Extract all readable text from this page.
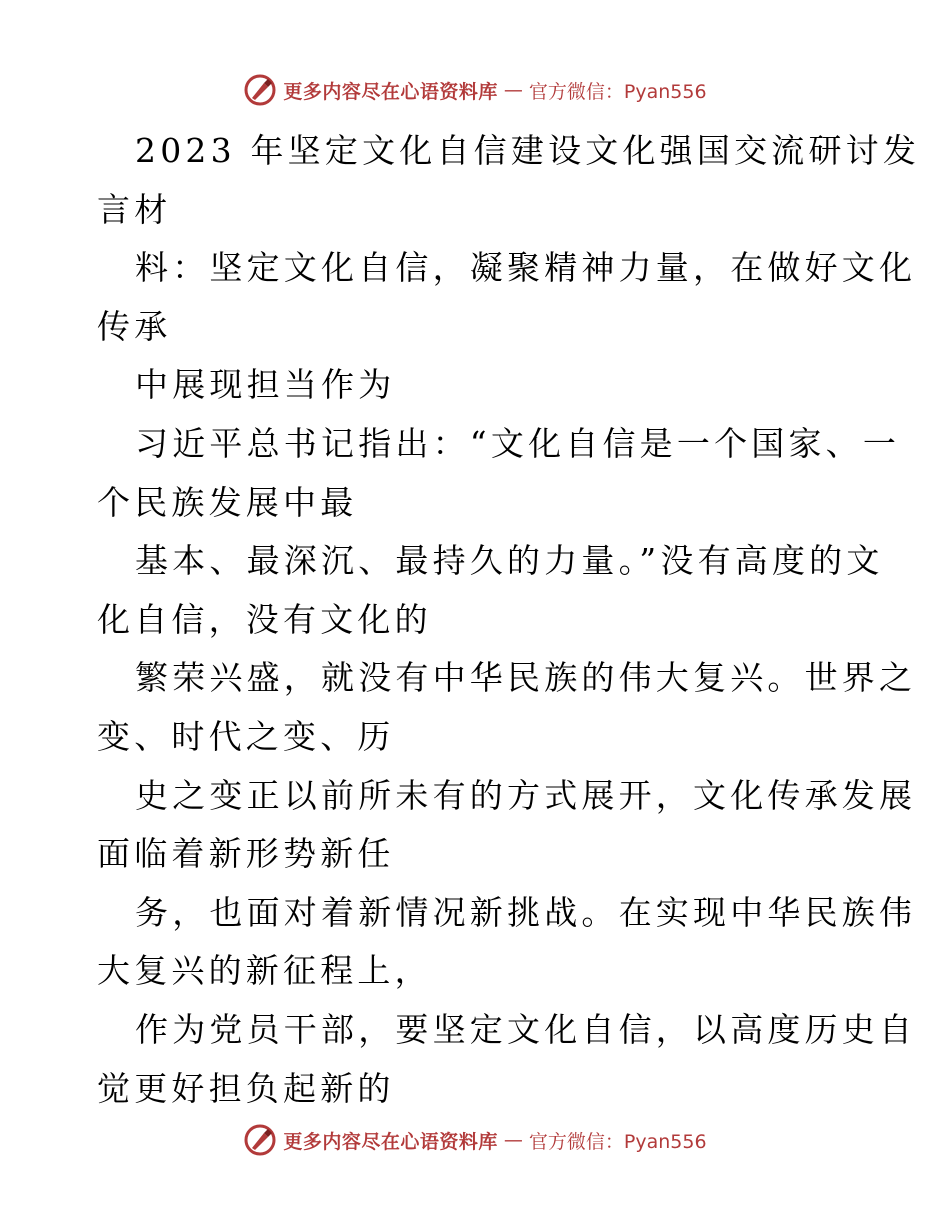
更多内容尽在心语资料库 — 官方微信：Pyan556
2023 年坚定文化自信建设文化强国交流研讨发
言材
料：坚定文化自信，凝聚精神力量，在做好文化
传承
中展现担当作为
习近平总书记指出：“文化自信是一个国家、一
个民族发展中最
基本、最深沉、最持久的力量。”没有高度的文
化自信，没有文化的
繁荣兴盛，就没有中华民族的伟大复兴。世界之
变、时代之变、历
史之变正以前所未有的方式展开，文化传承发展
面临着新形势新任
务，也面对着新情况新挑战。在实现中华民族伟
大复兴的新征程上，
作为党员干部，要坚定文化自信，以高度历史自
觉更好担负起新的
更多内容尽在心语资料库 — 官方微信：Pyan556
